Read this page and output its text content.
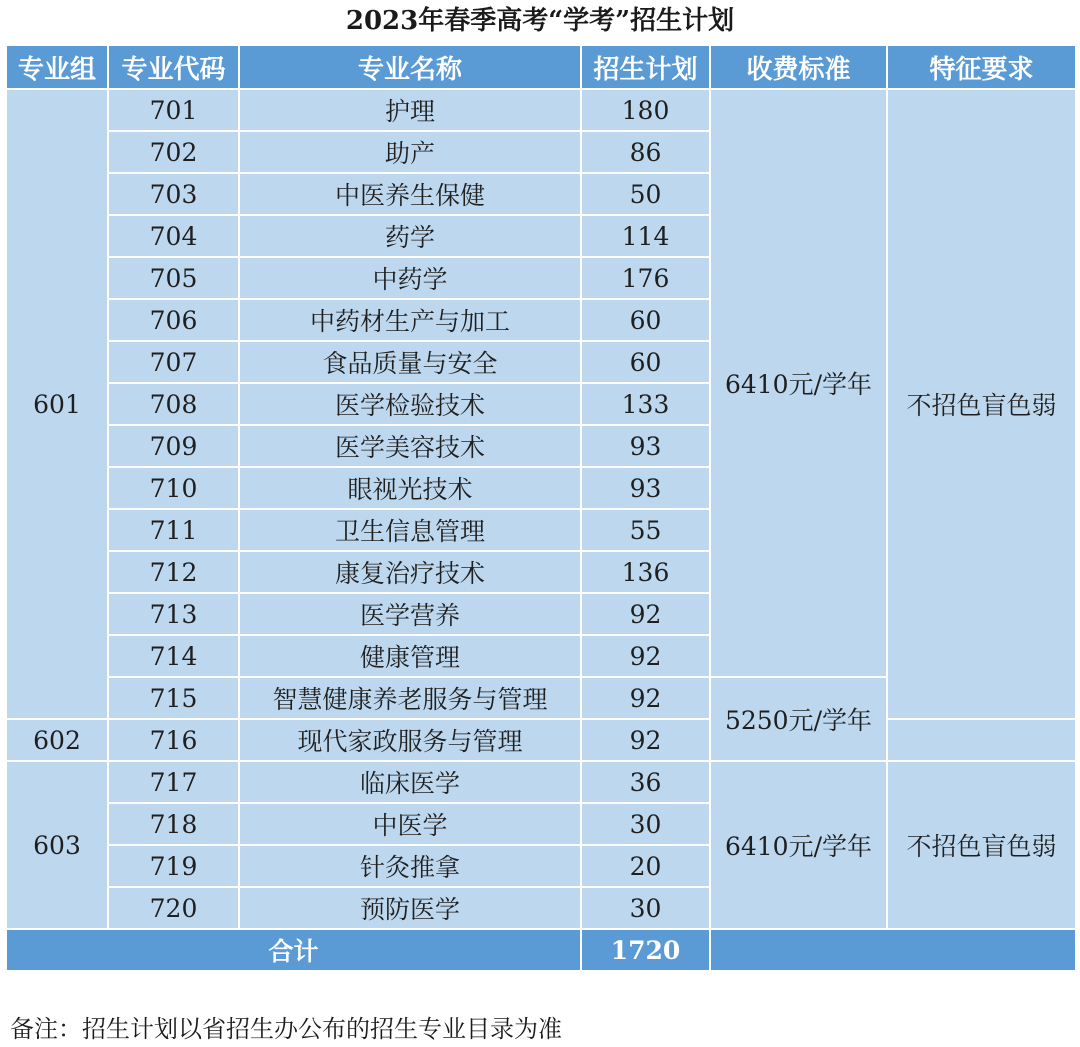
2023年春季高考“学考”招生计划
专业组	专业代码	专业名称	招生计划	收费标准	特征要求
601	701	护理	180	6410元/学年	不招色盲色弱
	702	助产	86		
	703	中医养生保健	50		
	704	药学	114		
	705	中药学	176		
	706	中药材生产与加工	60		
	707	食品质量与安全	60		
	708	医学检验技术	133		
	709	医学美容技术	93		
	710	眼视光技术	93		
	711	卫生信息管理	55		
	712	康复治疗技术	136		
	713	医学营养	92		
	714	健康管理	92		
	715	智慧健康养老服务与管理	92	5250元/学年	
602	716	现代家政服务与管理	92		
603	717	临床医学	36	6410元/学年	不招色盲色弱
	718	中医学	30		
	719	针灸推拿	20		
	720	预防医学	30		
合计			1720		
备注：招生计划以省招生办公布的招生专业目录为准
